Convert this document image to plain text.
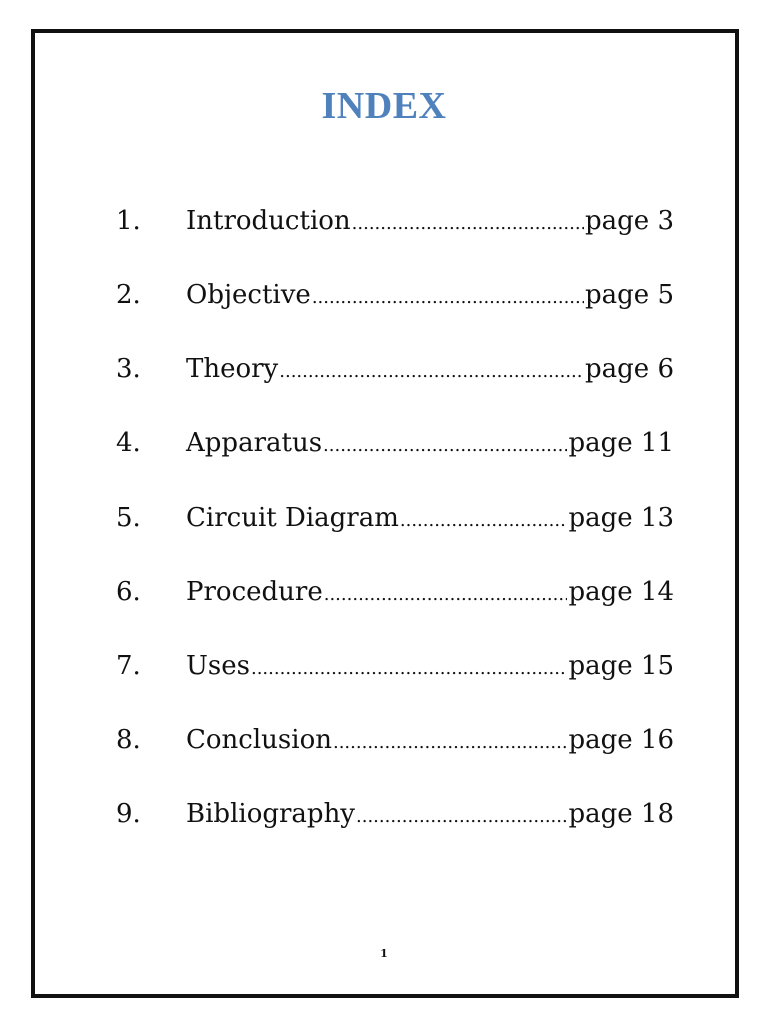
INDEX
1.	Introduction .....	page 3
2.	Objective .....	page 5
3.	Theory .....	page 6
4.	Apparatus .....	page 11
5.	Circuit Diagram .....	page 13
6.	Procedure .....	page 14
7.	Uses .....	page 15
8.	Conclusion .....	page 16
9.	Bibliography .....	page 18
1
